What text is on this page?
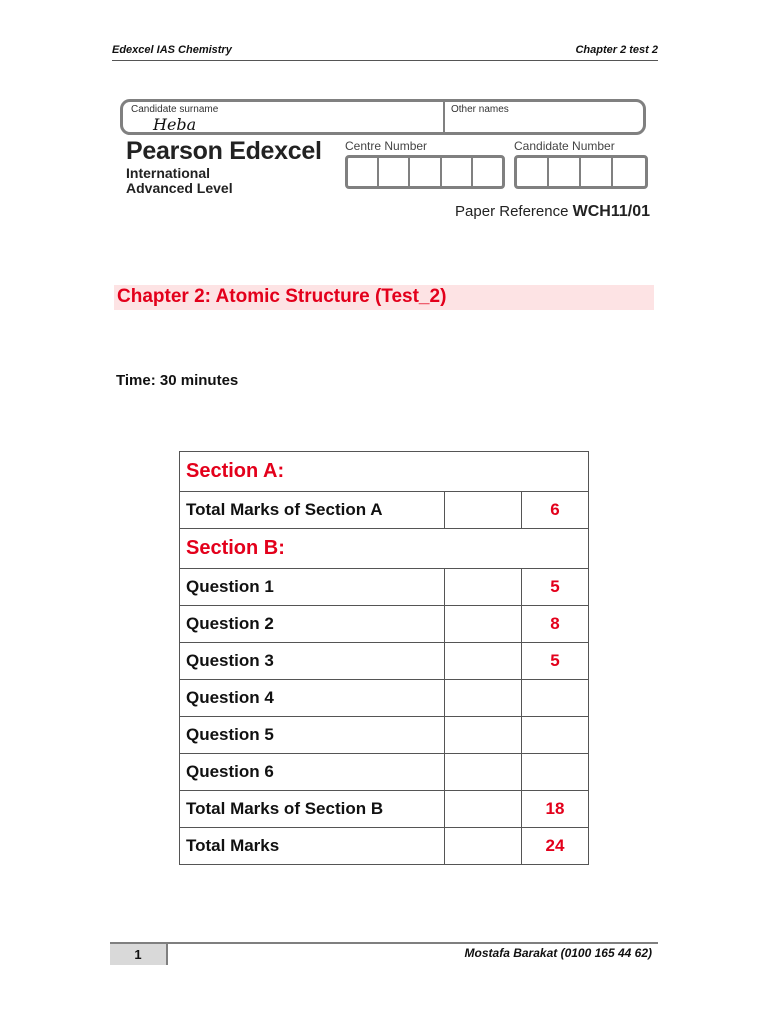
Edexcel IAS Chemistry	Chapter 2 test 2
Candidate surname
Heba
Other names
Pearson Edexcel
International
Advanced Level
Centre Number	Candidate Number
Paper Reference WCH11/01
Chapter 2: Atomic Structure (Test_2)
Time: 30 minutes
Section A:		
Total Marks of Section A		6
Section B:		
Question 1		5
Question 2		8
Question 3		5
Question 4		
Question 5		
Question 6		
Total Marks of Section B		18
Total Marks		24
1	Mostafa Barakat (0100 165 44 62)
